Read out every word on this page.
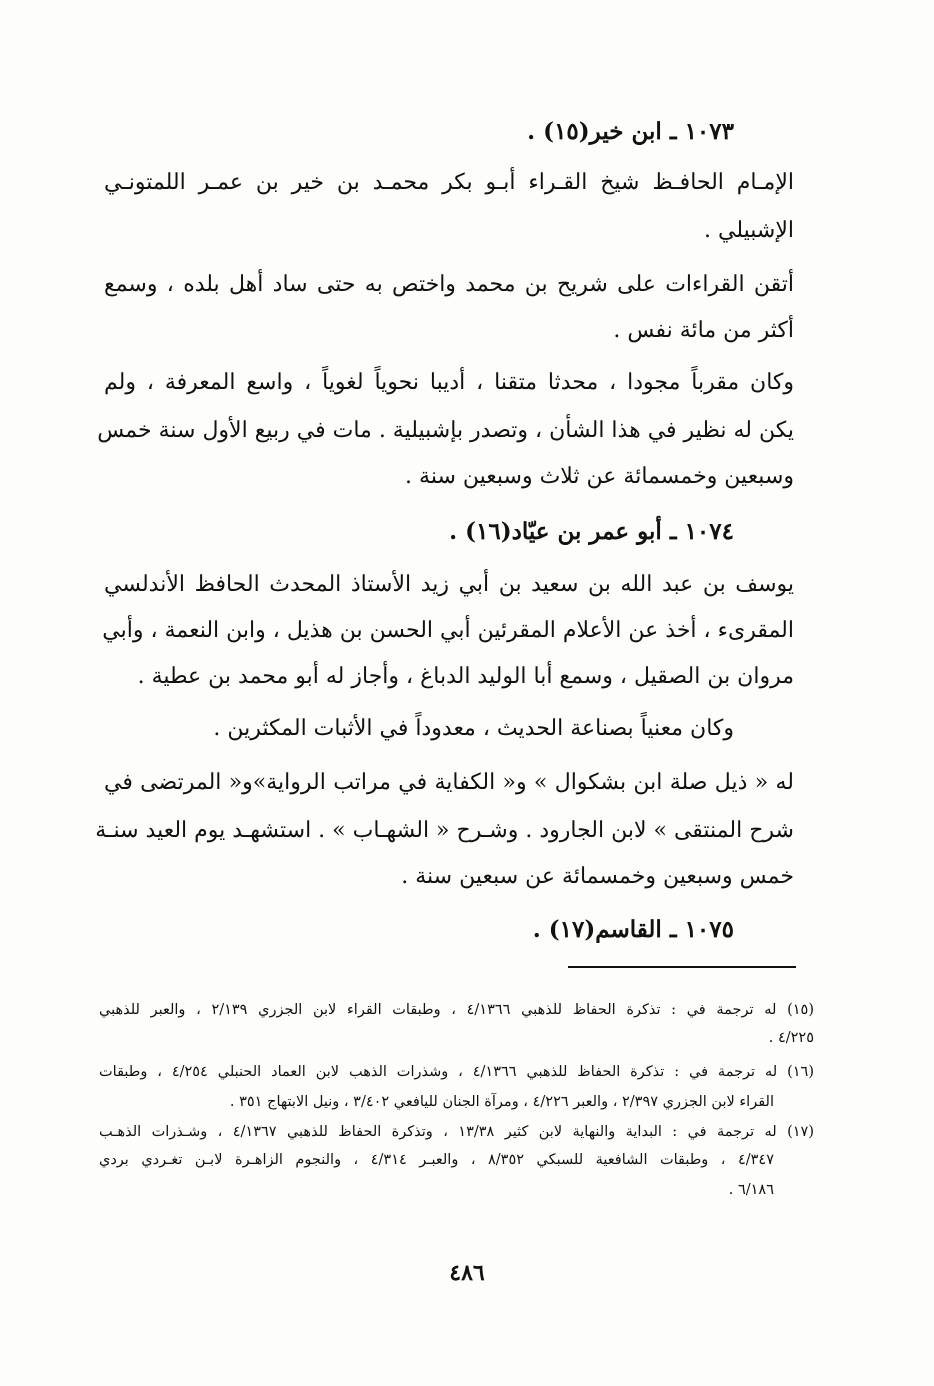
١٠٧٣ ـ ابن خير(١٥) .
الإمـام الحافـظ شيخ القـراء أبـو بكر محمـد بن خير بن عمـر اللمتونـي
الإشبيلي .
أتقن القراءات على شريح بن محمد واختص به حتى ساد أهل بلده ، وسمع
أكثر من مائة نفس .
وكان مقرباً مجودا ، محدثا متقنا ، أديبا نحوياً لغوياً ، واسع المعرفة ، ولم
يكن له نظير في هذا الشأن ، وتصدر بإشبيلية . مات في ربيع الأول سنة خمس
وسبعين وخمسمائة عن ثلاث وسبعين سنة .
١٠٧٤ ـ أبو عمر بن عيّاد(١٦) .
يوسف بن عبد الله بن سعيد بن أبي زيد الأستاذ المحدث الحافظ الأندلسي
المقرىء ، أخذ عن الأعلام المقرئين أبي الحسن بن هذيل ، وابن النعمة ، وأبي
مروان بن الصقيل ، وسمع أبا الوليد الدباغ ، وأجاز له أبو محمد بن عطية .
وكان معنياً بصناعة الحديث ، معدوداً في الأثبات المكثرين .
له « ذيل صلة ابن بشكوال » و« الكفاية في مراتب الرواية»و« المرتضى في
شرح المنتقى » لابن الجارود . وشـرح « الشهـاب » . استشهـد يوم العيد سنـة
خمس وسبعين وخمسمائة عن سبعين سنة .
١٠٧٥ ـ القاسم(١٧) .
(١٥) له ترجمة في : تذكرة الحفاظ للذهبي ٤/١٣٦٦ ، وطبقات القراء لابن الجزري ٢/١٣٩ ، والعبر للذهبي
٤/٢٢٥ .
(١٦) له ترجمة في : تذكرة الحفاظ للذهبي ٤/١٣٦٦ ، وشذرات الذهب لابن العماد الحنبلي ٤/٢٥٤ ، وطبقات
القراء لابن الجزري ٢/٣٩٧ ، والعبر ٤/٢٢٦ ، ومرآة الجنان لليافعي ٣/٤٠٢ ، ونيل الابتهاج ٣٥١ .
(١٧) له ترجمة في : البداية والنهاية لابن كثير ١٣/٣٨ ، وتذكرة الحفاظ للذهبي ٤/١٣٦٧ ، وشـذرات الذهـب
٤/٣٤٧ ، وطبقات الشافعية للسبكي ٨/٣٥٢ ، والعبـر ٤/٣١٤ ، والنجوم الزاهـرة لابـن تغـردي بردي
٦/١٨٦ .
٤٨٦
